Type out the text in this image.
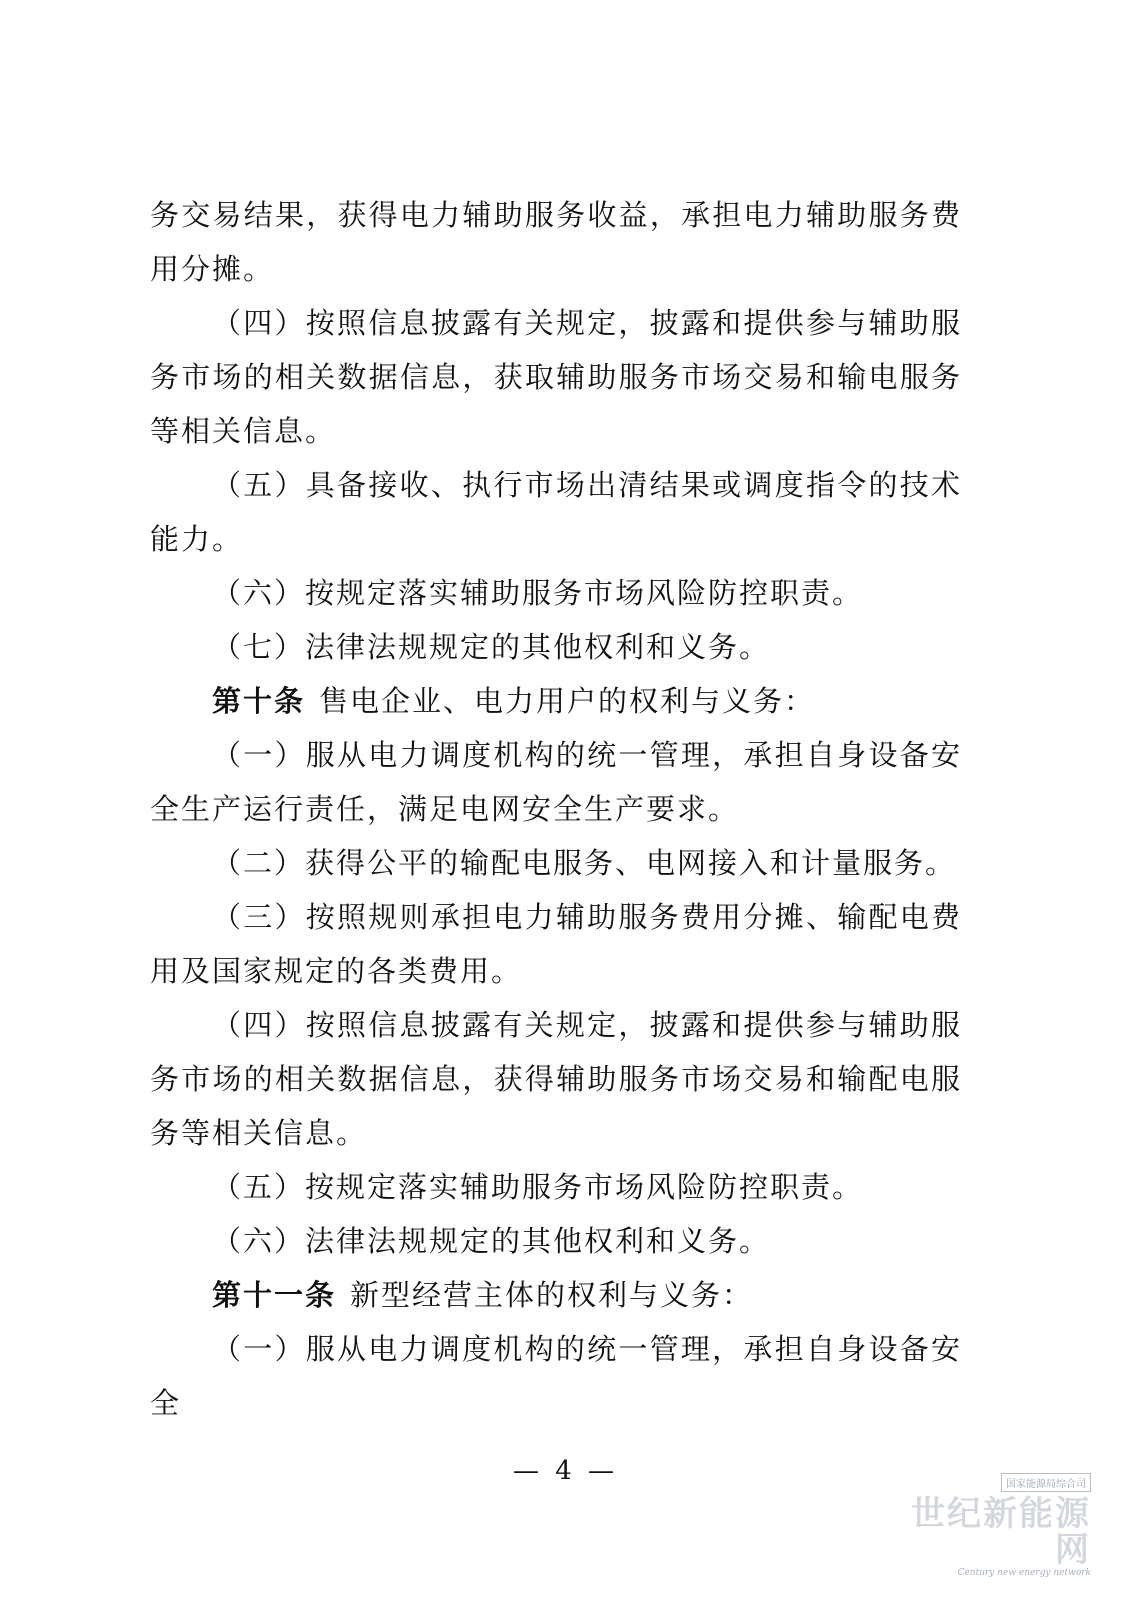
务交易结果，获得电力辅助服务收益，承担电力辅助服务费用分摊。

（四）按照信息披露有关规定，披露和提供参与辅助服务市场的相关数据信息，获取辅助服务市场交易和输电服务等相关信息。

（五）具备接收、执行市场出清结果或调度指令的技术能力。

（六）按规定落实辅助服务市场风险防控职责。

（七）法律法规规定的其他权利和义务。

第十条 售电企业、电力用户的权利与义务：

（一）服从电力调度机构的统一管理，承担自身设备安全生产运行责任，满足电网安全生产要求。

（二）获得公平的输配电服务、电网接入和计量服务。

（三）按照规则承担电力辅助服务费用分摊、输配电费用及国家规定的各类费用。

（四）按照信息披露有关规定，披露和提供参与辅助服务市场的相关数据信息，获得辅助服务市场交易和输配电服务等相关信息。

（五）按规定落实辅助服务市场风险防控职责。

（六）法律法规规定的其他权利和义务。

第十一条 新型经营主体的权利与义务：

（一）服从电力调度机构的统一管理，承担自身设备安全

— 4 —	国家能源局综合司
世纪新能源网
Century new energy network
